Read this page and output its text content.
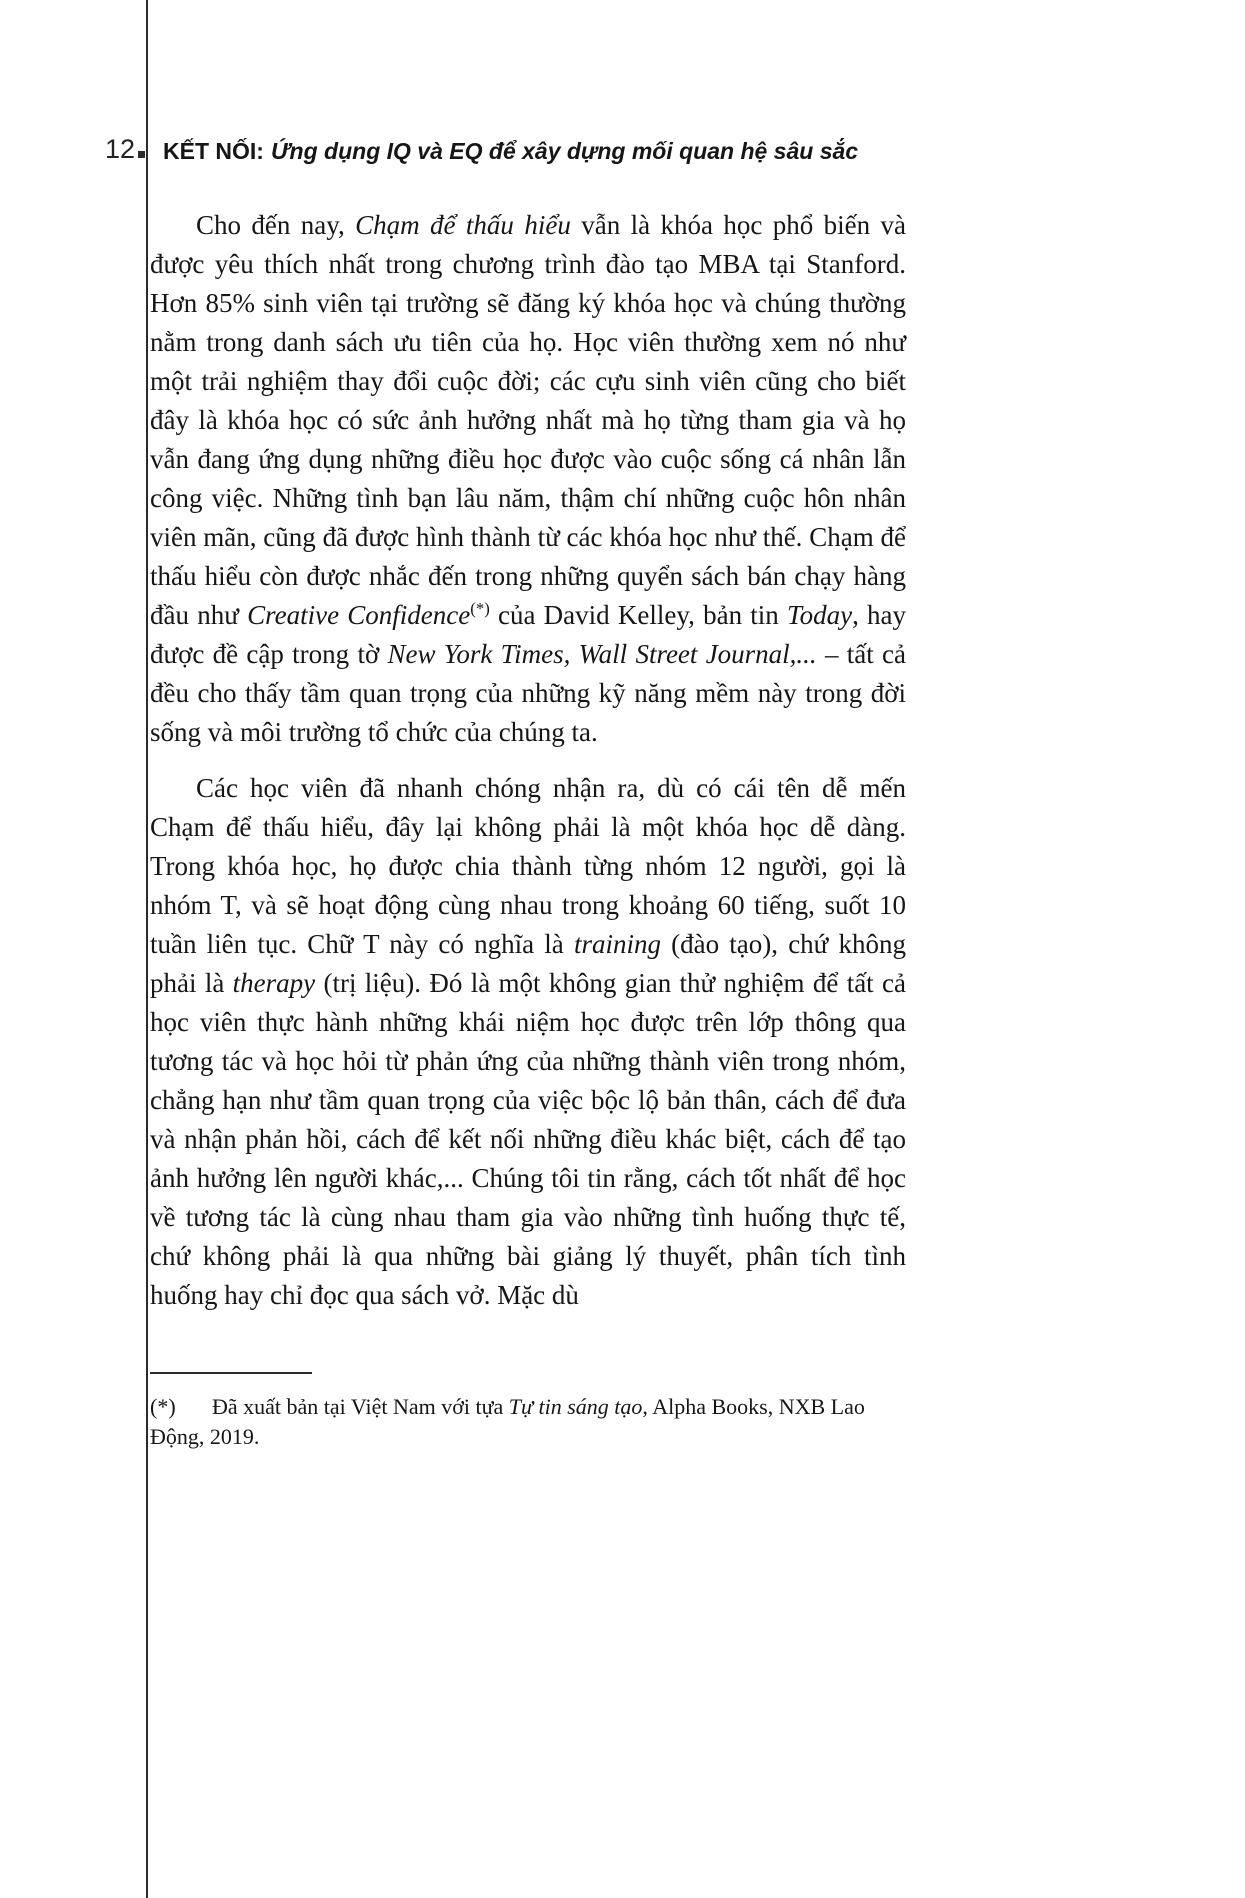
12 KẾT NỐI: Ứng dụng IQ và EQ để xây dựng mối quan hệ sâu sắc

Cho đến nay, Chạm để thấu hiểu vẫn là khóa học phổ biến và được yêu thích nhất trong chương trình đào tạo MBA tại Stanford. Hơn 85% sinh viên tại trường sẽ đăng ký khóa học và chúng thường nằm trong danh sách ưu tiên của họ. Học viên thường xem nó như một trải nghiệm thay đổi cuộc đời; các cựu sinh viên cũng cho biết đây là khóa học có sức ảnh hưởng nhất mà họ từng tham gia và họ vẫn đang ứng dụng những điều học được vào cuộc sống cá nhân lẫn công việc. Những tình bạn lâu năm, thậm chí những cuộc hôn nhân viên mãn, cũng đã được hình thành từ các khóa học như thế. Chạm để thấu hiểu còn được nhắc đến trong những quyển sách bán chạy hàng đầu như Creative Confidence(*) của David Kelley, bản tin Today, hay được đề cập trong tờ New York Times, Wall Street Journal,... – tất cả đều cho thấy tầm quan trọng của những kỹ năng mềm này trong đời sống và môi trường tổ chức của chúng ta.

Các học viên đã nhanh chóng nhận ra, dù có cái tên dễ mến Chạm để thấu hiểu, đây lại không phải là một khóa học dễ dàng. Trong khóa học, họ được chia thành từng nhóm 12 người, gọi là nhóm T, và sẽ hoạt động cùng nhau trong khoảng 60 tiếng, suốt 10 tuần liên tục. Chữ T này có nghĩa là training (đào tạo), chứ không phải là therapy (trị liệu). Đó là một không gian thử nghiệm để tất cả học viên thực hành những khái niệm học được trên lớp thông qua tương tác và học hỏi từ phản ứng của những thành viên trong nhóm, chẳng hạn như tầm quan trọng của việc bộc lộ bản thân, cách để đưa và nhận phản hồi, cách để kết nối những điều khác biệt, cách để tạo ảnh hưởng lên người khác,... Chúng tôi tin rằng, cách tốt nhất để học về tương tác là cùng nhau tham gia vào những tình huống thực tế, chứ không phải là qua những bài giảng lý thuyết, phân tích tình huống hay chỉ đọc qua sách vở. Mặc dù

(*) Đã xuất bản tại Việt Nam với tựa Tự tin sáng tạo, Alpha Books, NXB Lao Động, 2019.
